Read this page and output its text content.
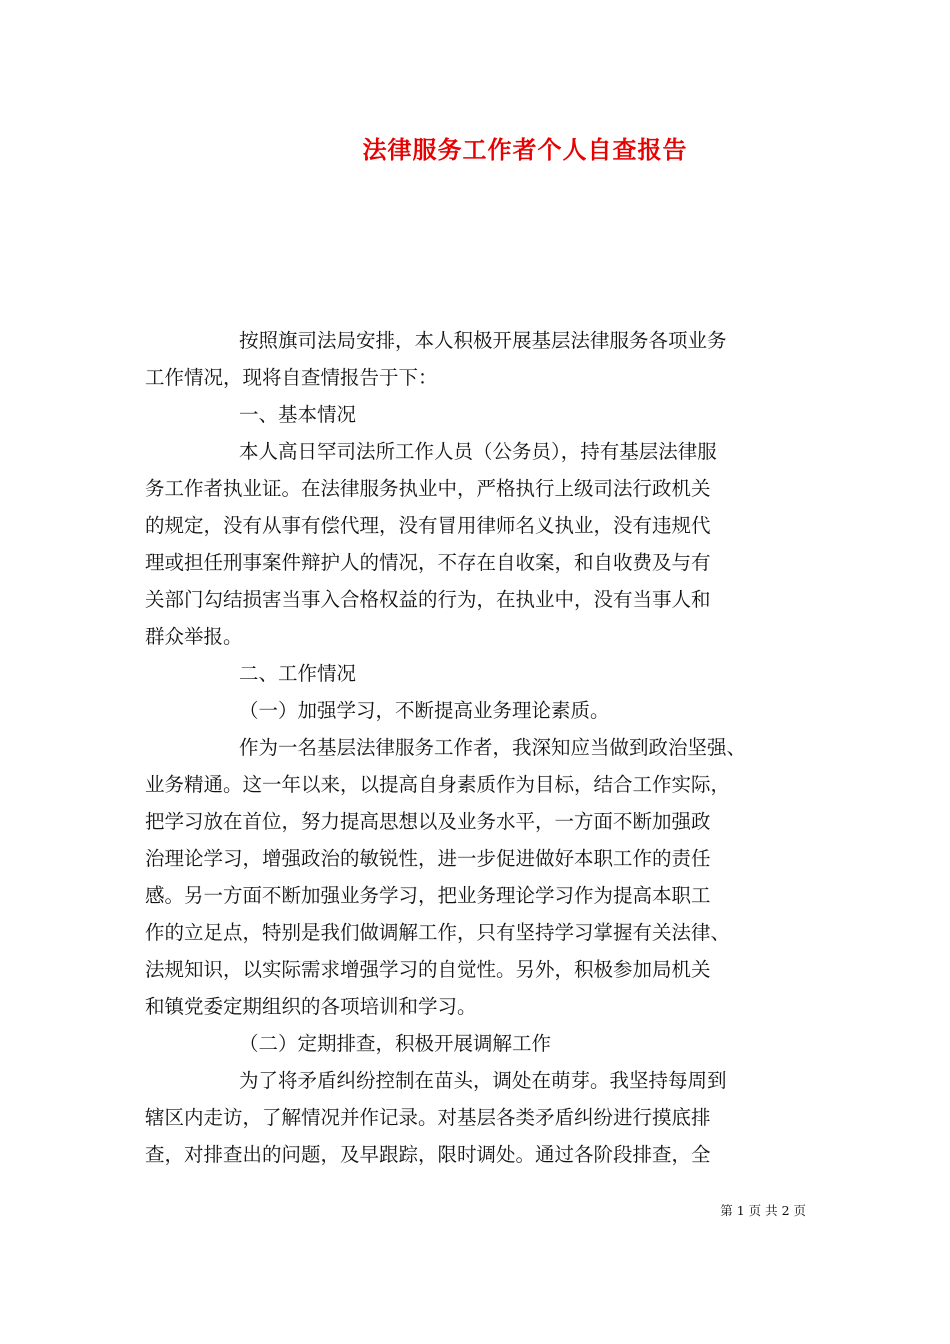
法律服务工作者个人自查报告
按照旗司法局安排，本人积极开展基层法律服务各项业务
工作情况，现将自查情报告于下：
一、基本情况
本人高日罕司法所工作人员（公务员），持有基层法律服
务工作者执业证。在法律服务执业中，严格执行上级司法行政机关
的规定，没有从事有偿代理，没有冒用律师名义执业，没有违规代
理或担任刑事案件辩护人的情况，不存在自收案，和自收费及与有
关部门勾结损害当事入合格权益的行为，在执业中，没有当事人和
群众举报。
二、工作情况
（一）加强学习，不断提高业务理论素质。
作为一名基层法律服务工作者，我深知应当做到政治坚强、
业务精通。这一年以来，以提高自身素质作为目标，结合工作实际，
把学习放在首位，努力提高思想以及业务水平，一方面不断加强政
治理论学习，增强政治的敏锐性，进一步促进做好本职工作的责任
感。另一方面不断加强业务学习，把业务理论学习作为提高本职工
作的立足点，特别是我们做调解工作，只有坚持学习掌握有关法律、
法规知识，以实际需求增强学习的自觉性。另外，积极参加局机关
和镇党委定期组织的各项培训和学习。
（二）定期排查，积极开展调解工作
为了将矛盾纠纷控制在苗头，调处在萌芽。我坚持每周到
辖区内走访，了解情况并作记录。对基层各类矛盾纠纷进行摸底排
查，对排查出的问题，及早跟踪，限时调处。通过各阶段排查，全
第 1 页 共 2 页
